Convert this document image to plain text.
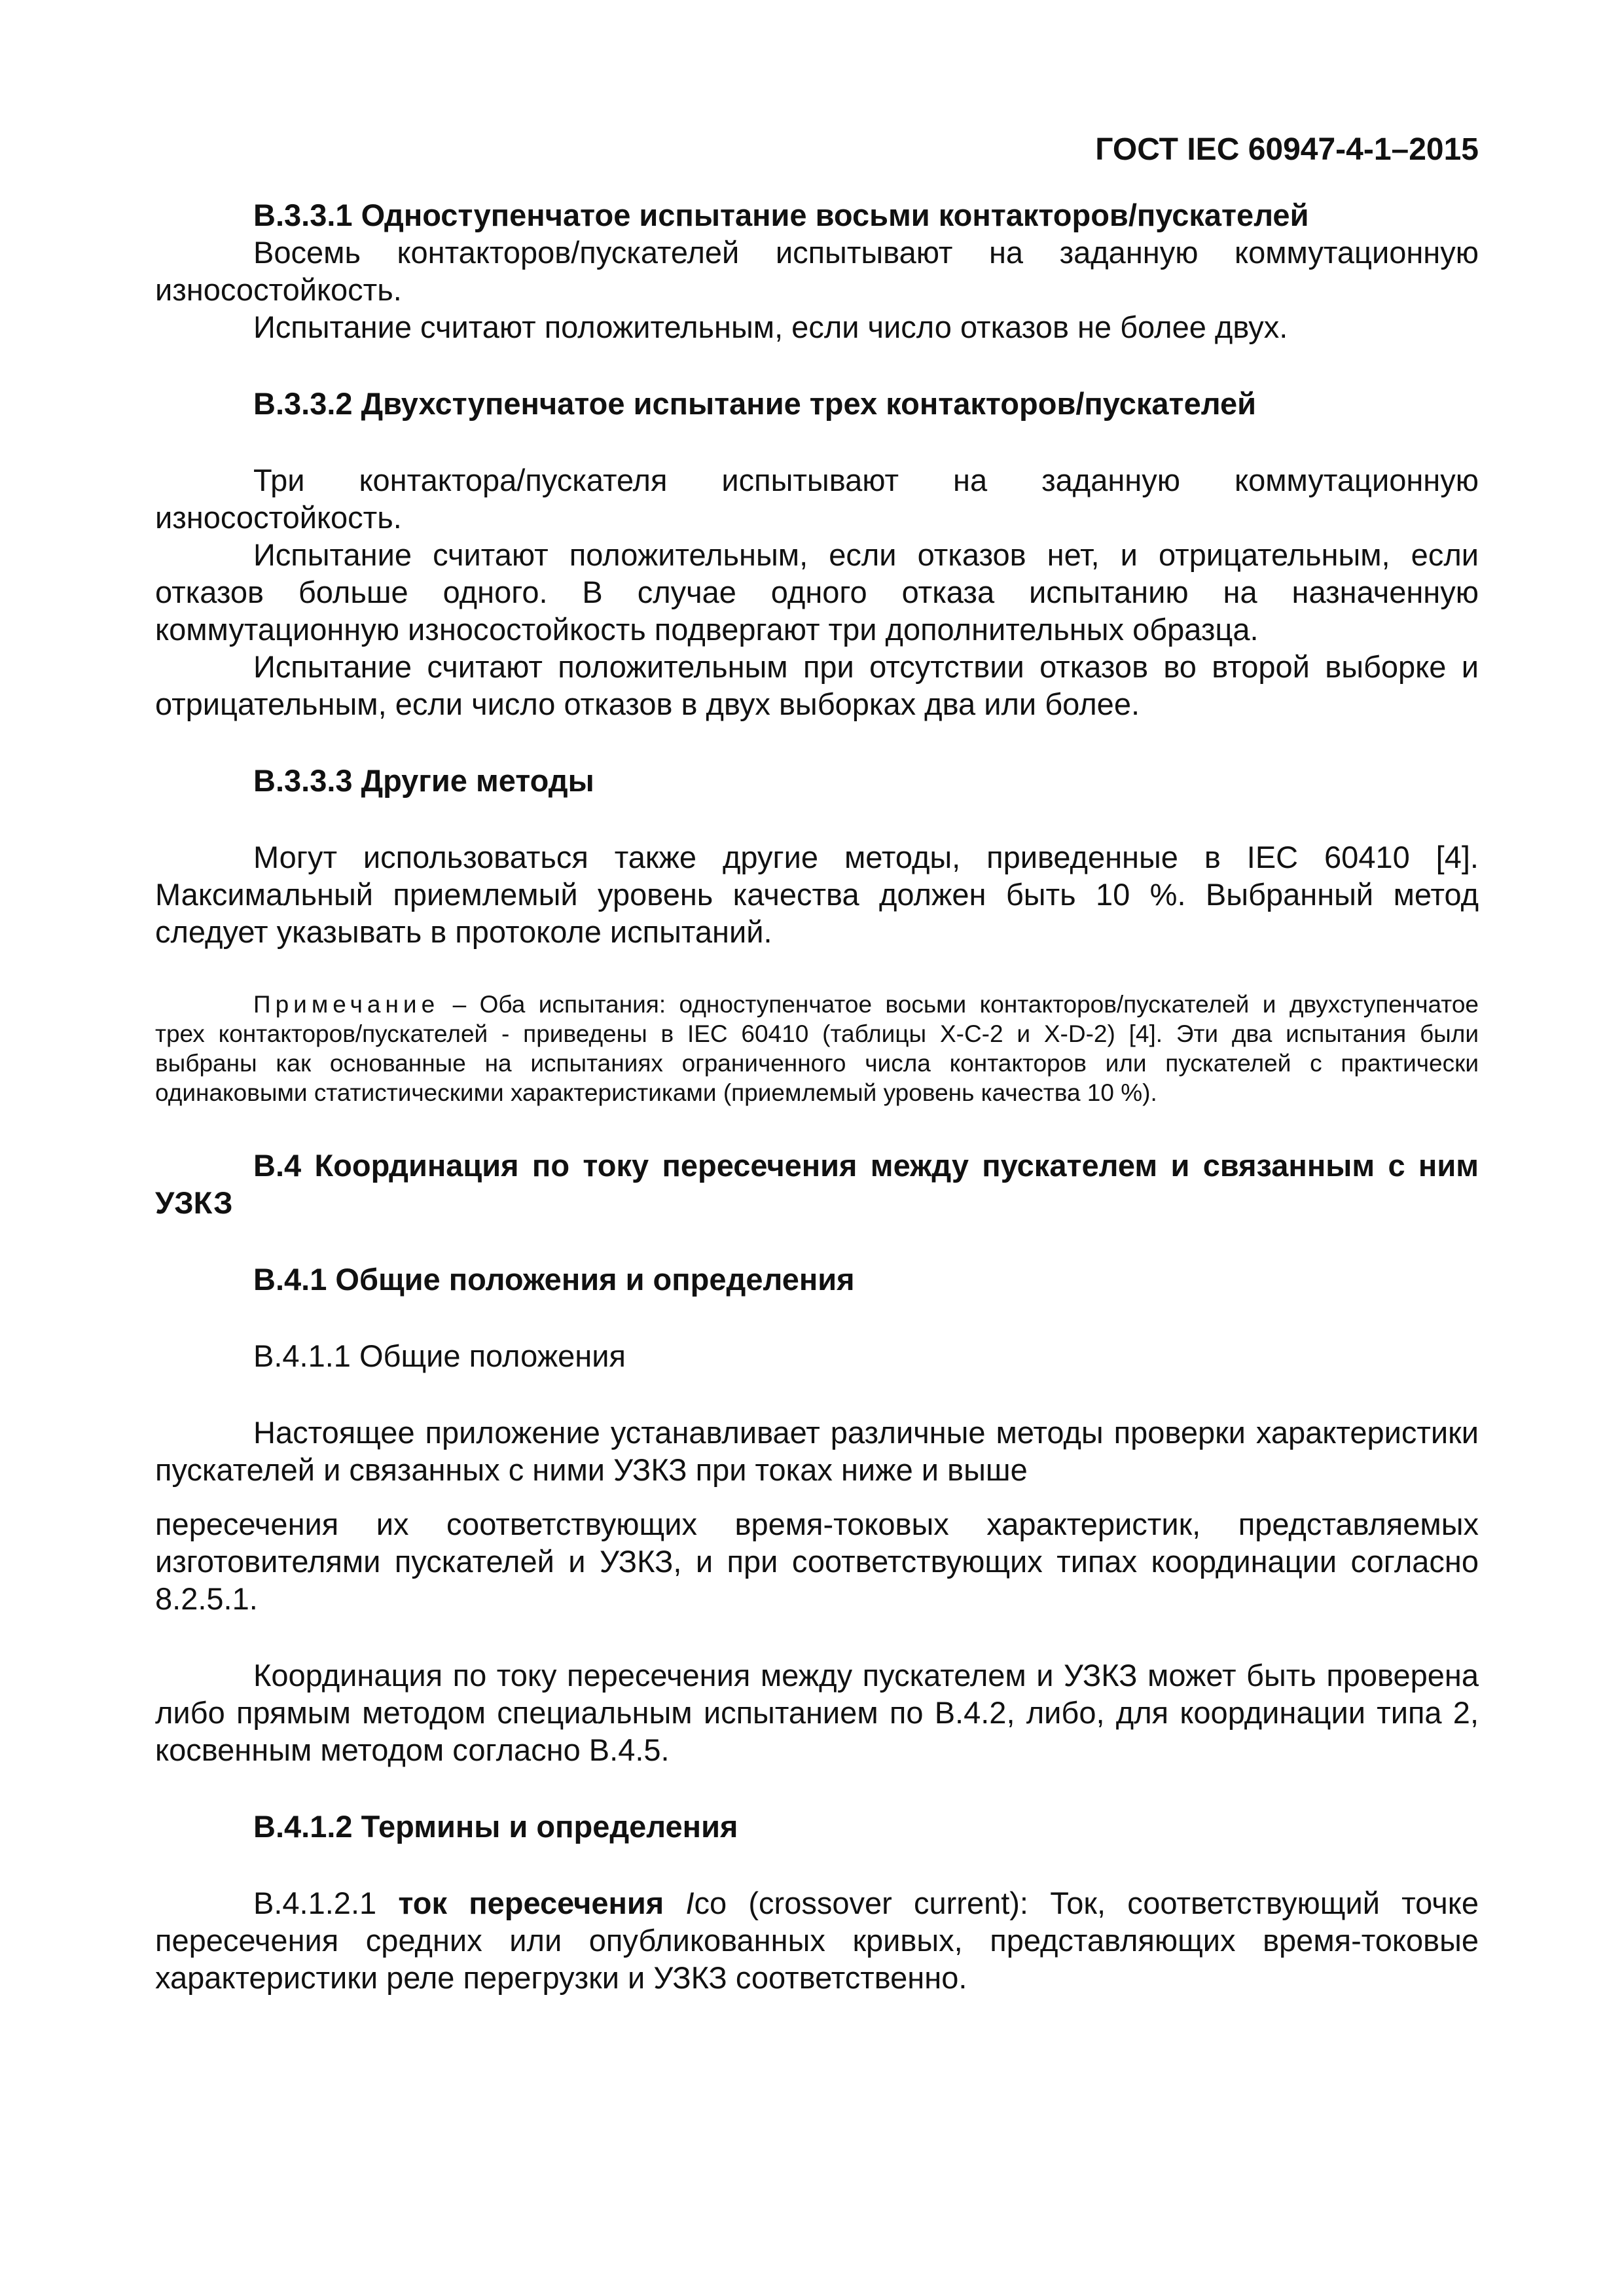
ГОСТ IEC 60947-4-1–2015

В.3.3.1 Одноступенчатое испытание восьми контакторов/пускателей

Восемь контакторов/пускателей испытывают на заданную коммутационную износостойкость.

Испытание считают положительным, если число отказов не более двух.

В.3.3.2 Двухступенчатое испытание трех контакторов/пускателей

Три контактора/пускателя испытывают на заданную коммутационную износостойкость.

Испытание считают положительным, если отказов нет, и отрицательным, если отказов больше одного. В случае одного отказа испытанию на назначенную коммутационную износостойкость подвергают три дополнительных образца.

Испытание считают положительным при отсутствии отказов во второй выборке и отрицательным, если число отказов в двух выборках два или более.

В.3.3.3 Другие методы

Могут использоваться также другие методы, приведенные в IEC 60410 [4]. Максимальный приемлемый уровень качества должен быть 10 %. Выбранный метод следует указывать в протоколе испытаний.

Примечание – Оба испытания: одноступенчатое восьми контакторов/пускателей и двухступенчатое трех контакторов/пускателей - приведены в IEC 60410 (таблицы X-C-2 и X-D-2) [4]. Эти два испытания были выбраны как основанные на испытаниях ограниченного числа контакторов или пускателей с практически одинаковыми статистическими характеристиками (приемлемый уровень качества 10 %).

В.4 Координация по току пересечения между пускателем и связанным с ним УЗКЗ

В.4.1 Общие положения и определения

В.4.1.1 Общие положения

Настоящее приложение устанавливает различные методы проверки характеристики пускателей и связанных с ними УЗКЗ при токах ниже и выше

пересечения их соответствующих время-токовых характеристик, представляемых изготовителями пускателей и УЗКЗ, и при соответствующих типах координации согласно 8.2.5.1.

Координация по току пересечения между пускателем и УЗКЗ может быть проверена либо прямым методом специальным испытанием по В.4.2, либо, для координации типа 2, косвенным методом согласно В.4.5.

В.4.1.2 Термины и определения

В.4.1.2.1 ток пересечения Ico (crossover current): Ток, соответствующий точке пересечения средних или опубликованных кривых, представляющих время-токовые характеристики реле перегрузки и УЗКЗ соответственно.
